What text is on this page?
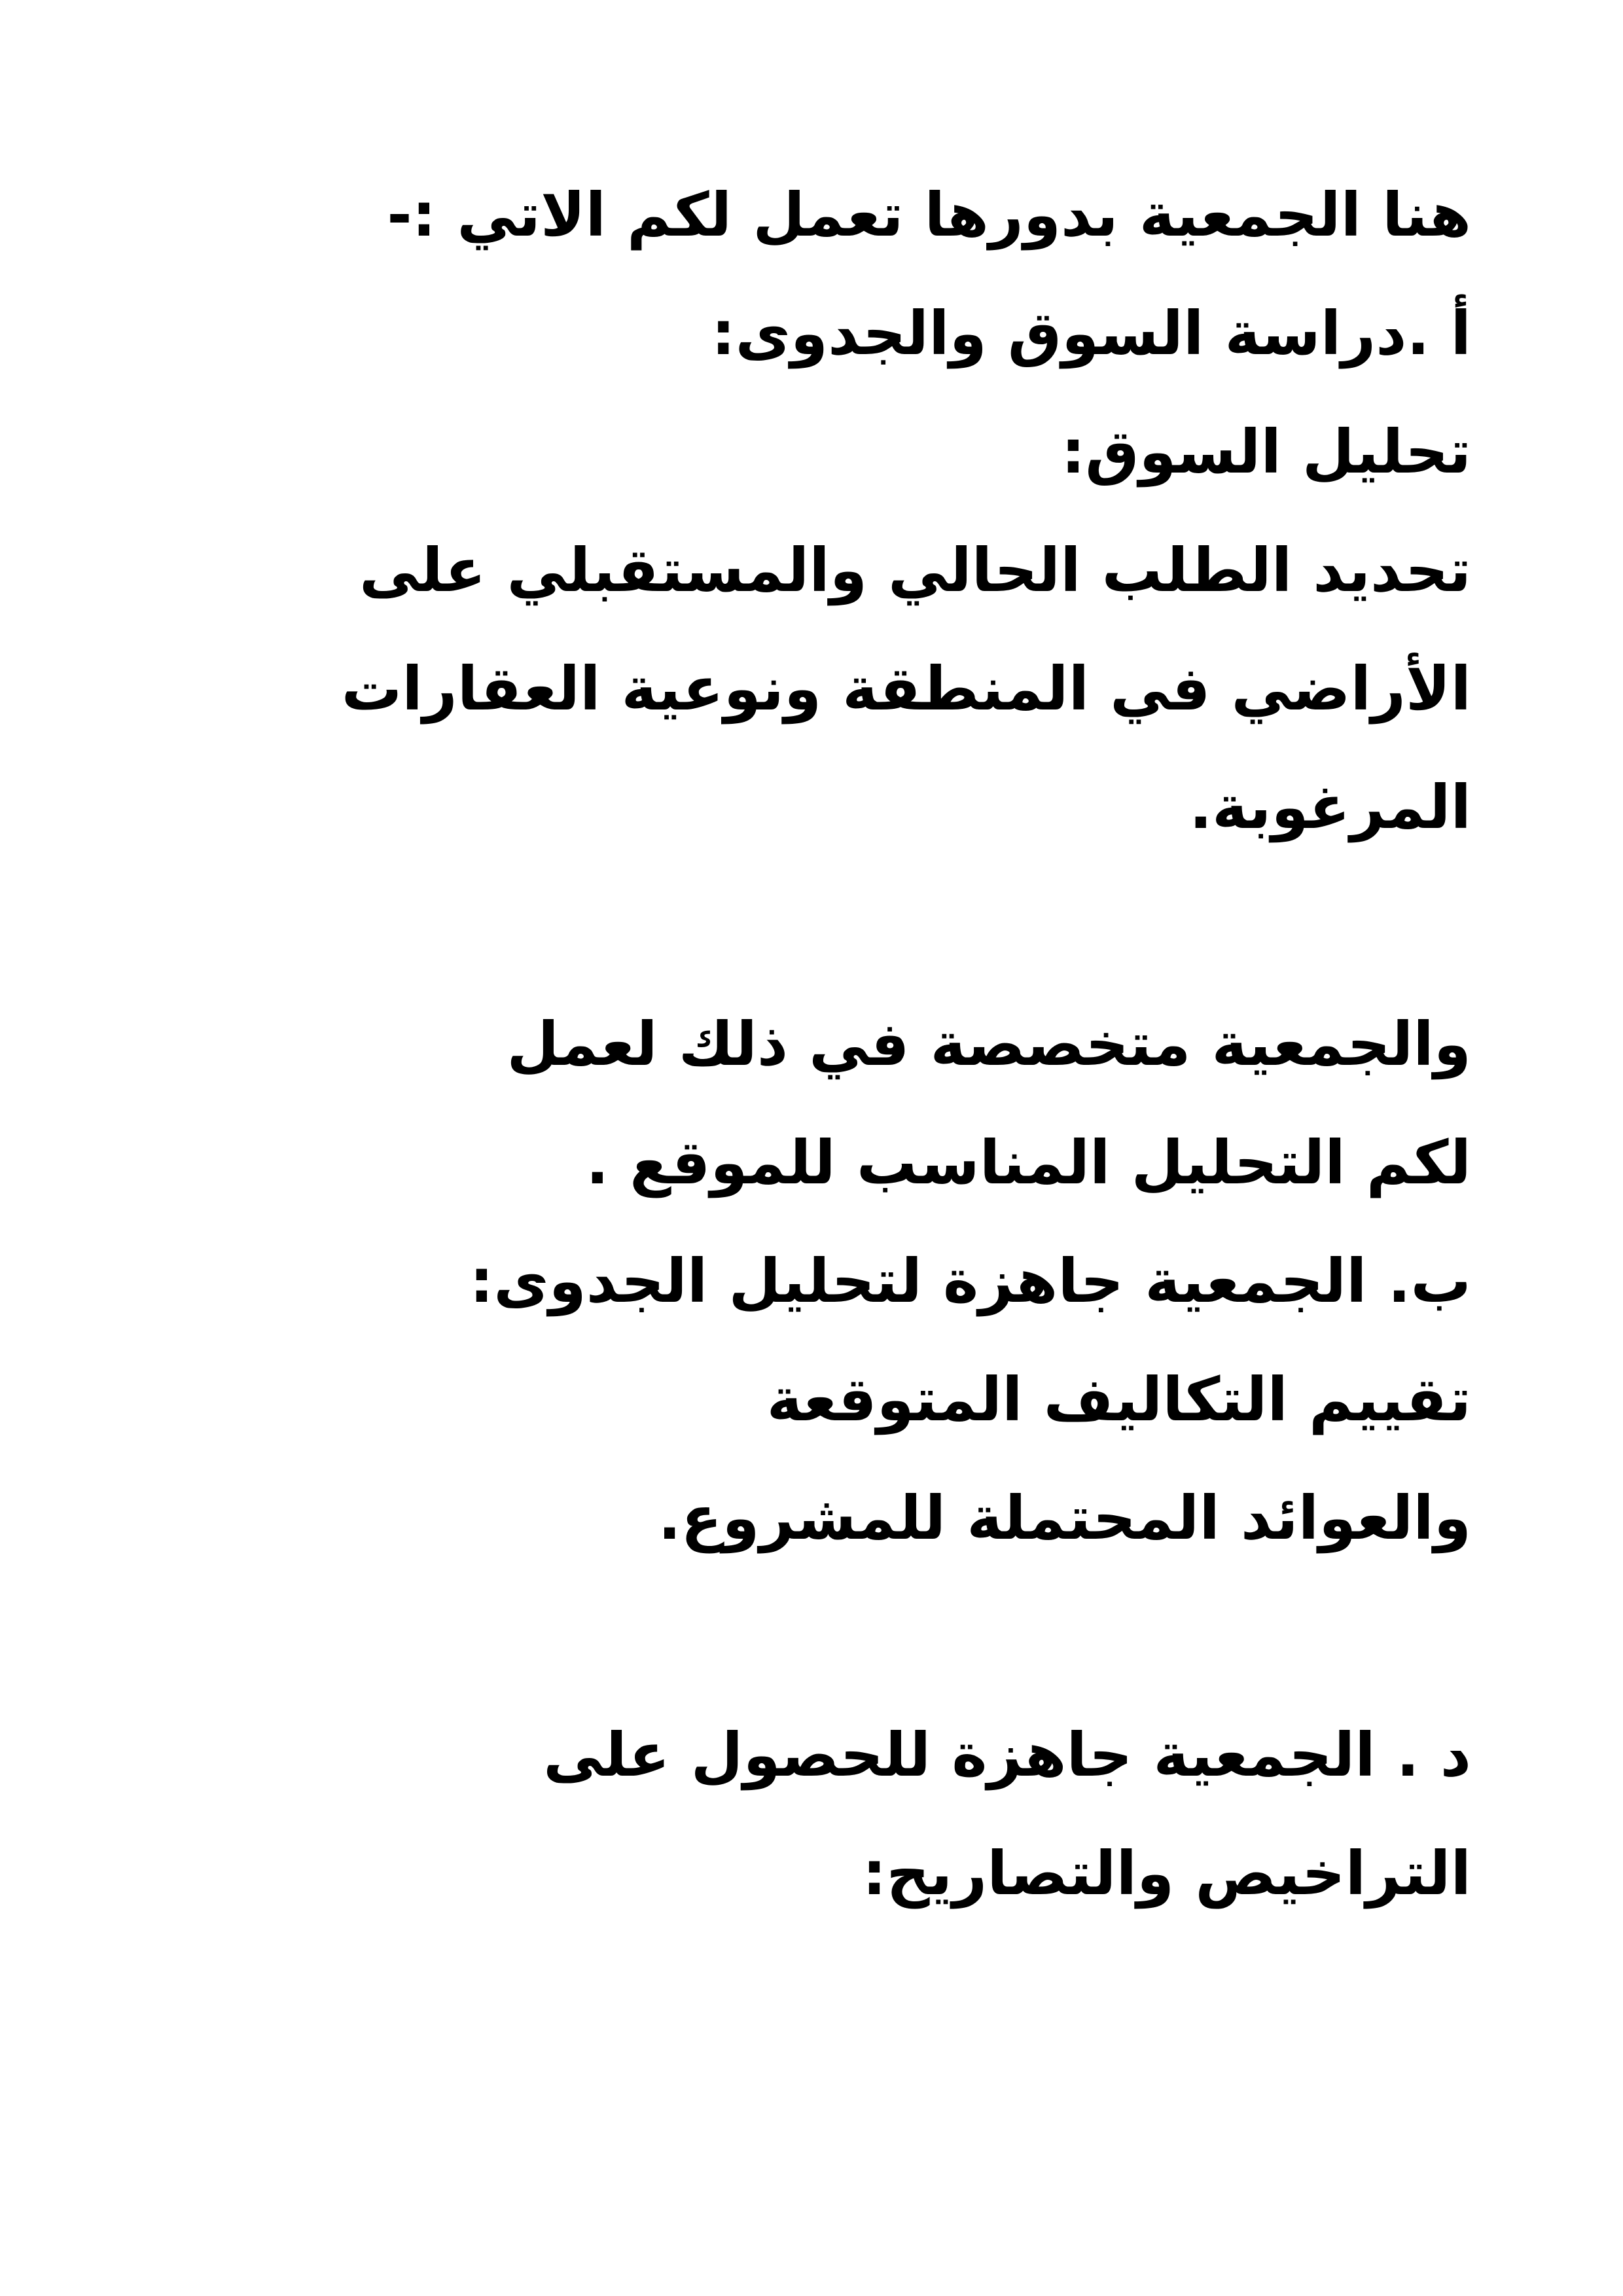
هنا الجمعية بدورها تعمل لكم الاتي :-

أ .دراسة السوق والجدوى:

تحليل السوق:

تحديد الطلب الحالي والمستقبلي على

الأراضي في المنطقة ونوعية العقارات

المرغوبة.

والجمعية متخصصة في ذلك لعمل

لكم التحليل المناسب للموقع .

ب. الجمعية جاهزة لتحليل الجدوى:

تقييم التكاليف المتوقعة

والعوائد المحتملة للمشروع.

د . الجمعية جاهزة للحصول على

التراخيص والتصاريح:
